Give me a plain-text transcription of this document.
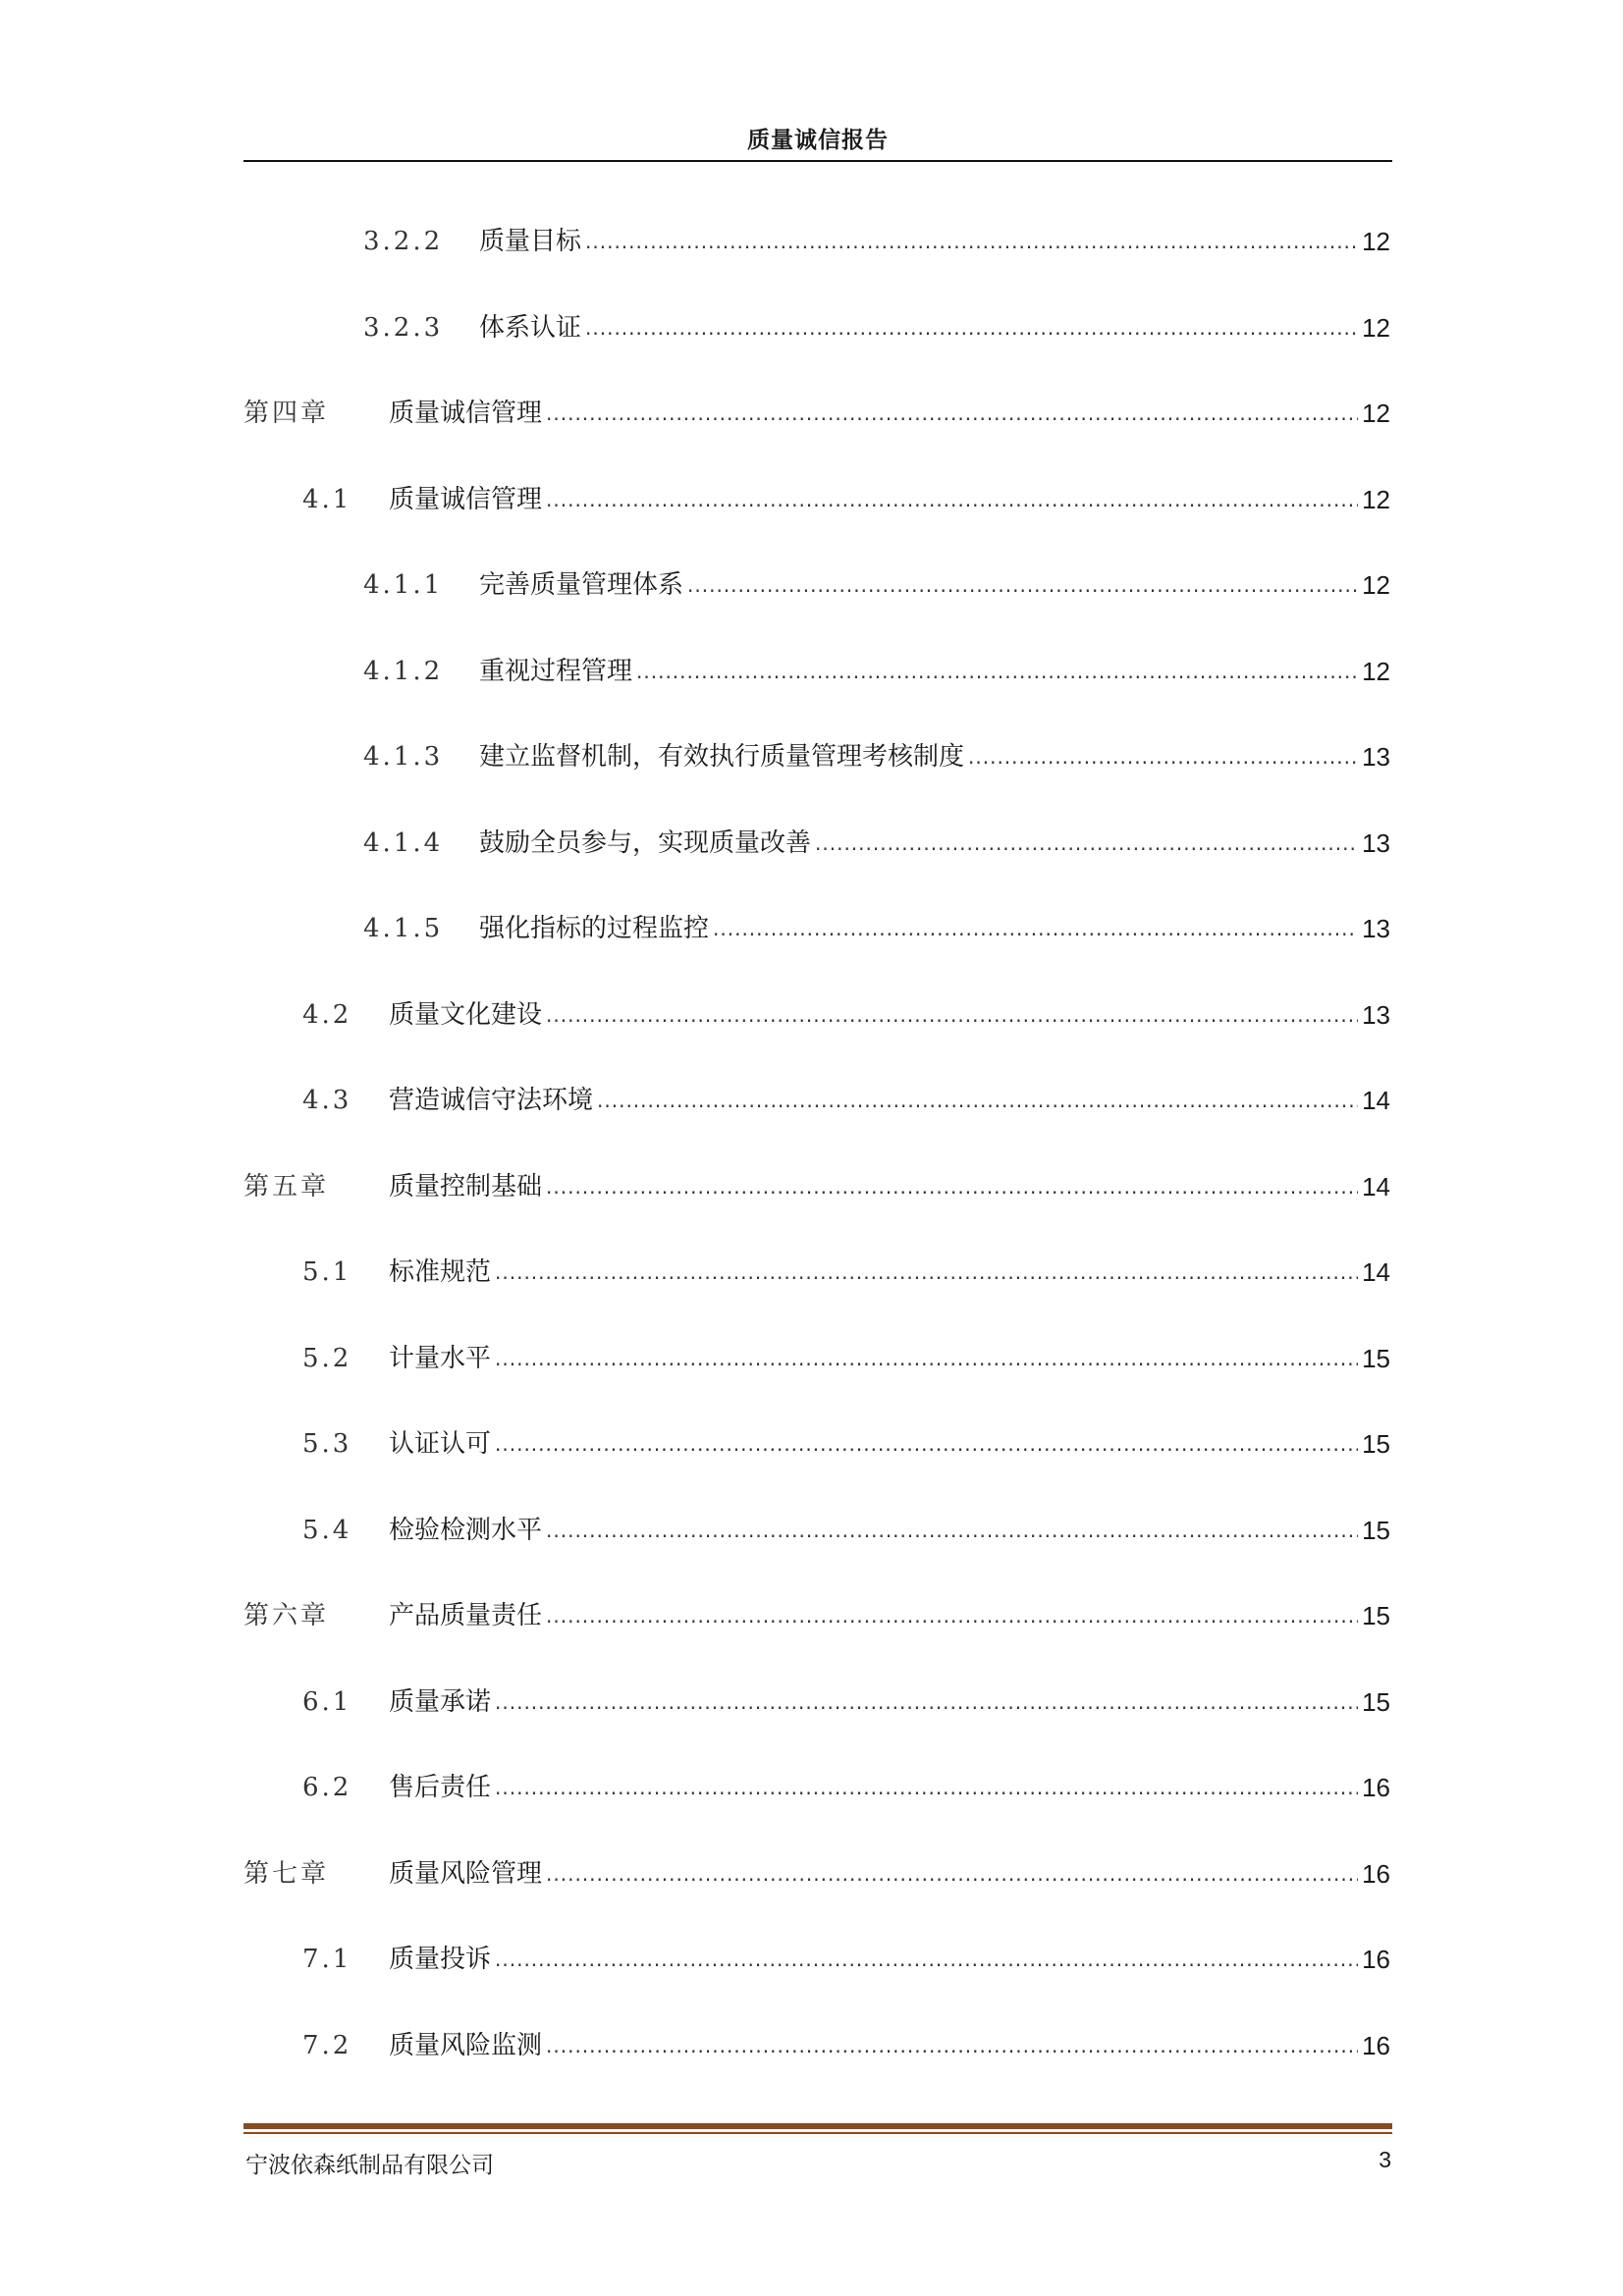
质量诚信报告
3.2.2	质量目标 .....	12
3.2.3	体系认证 .....	12
第四章	质量诚信管理 .....	12
4.1	质量诚信管理 .....	12
4.1.1	完善质量管理体系 .....	12
4.1.2	重视过程管理 .....	12
4.1.3	建立监督机制，有效执行质量管理考核制度 .....	13
4.1.4	鼓励全员参与，实现质量改善 .....	13
4.1.5	强化指标的过程监控 .....	13
4.2	质量文化建设 .....	13
4.3	营造诚信守法环境 .....	14
第五章	质量控制基础 .....	14
5.1	标准规范 .....	14
5.2	计量水平 .....	15
5.3	认证认可 .....	15
5.4	检验检测水平 .....	15
第六章	产品质量责任 .....	15
6.1	质量承诺 .....	15
6.2	售后责任 .....	16
第七章	质量风险管理 .....	16
7.1	质量投诉 .....	16
7.2	质量风险监测 .....	16
宁波依森纸制品有限公司	3
